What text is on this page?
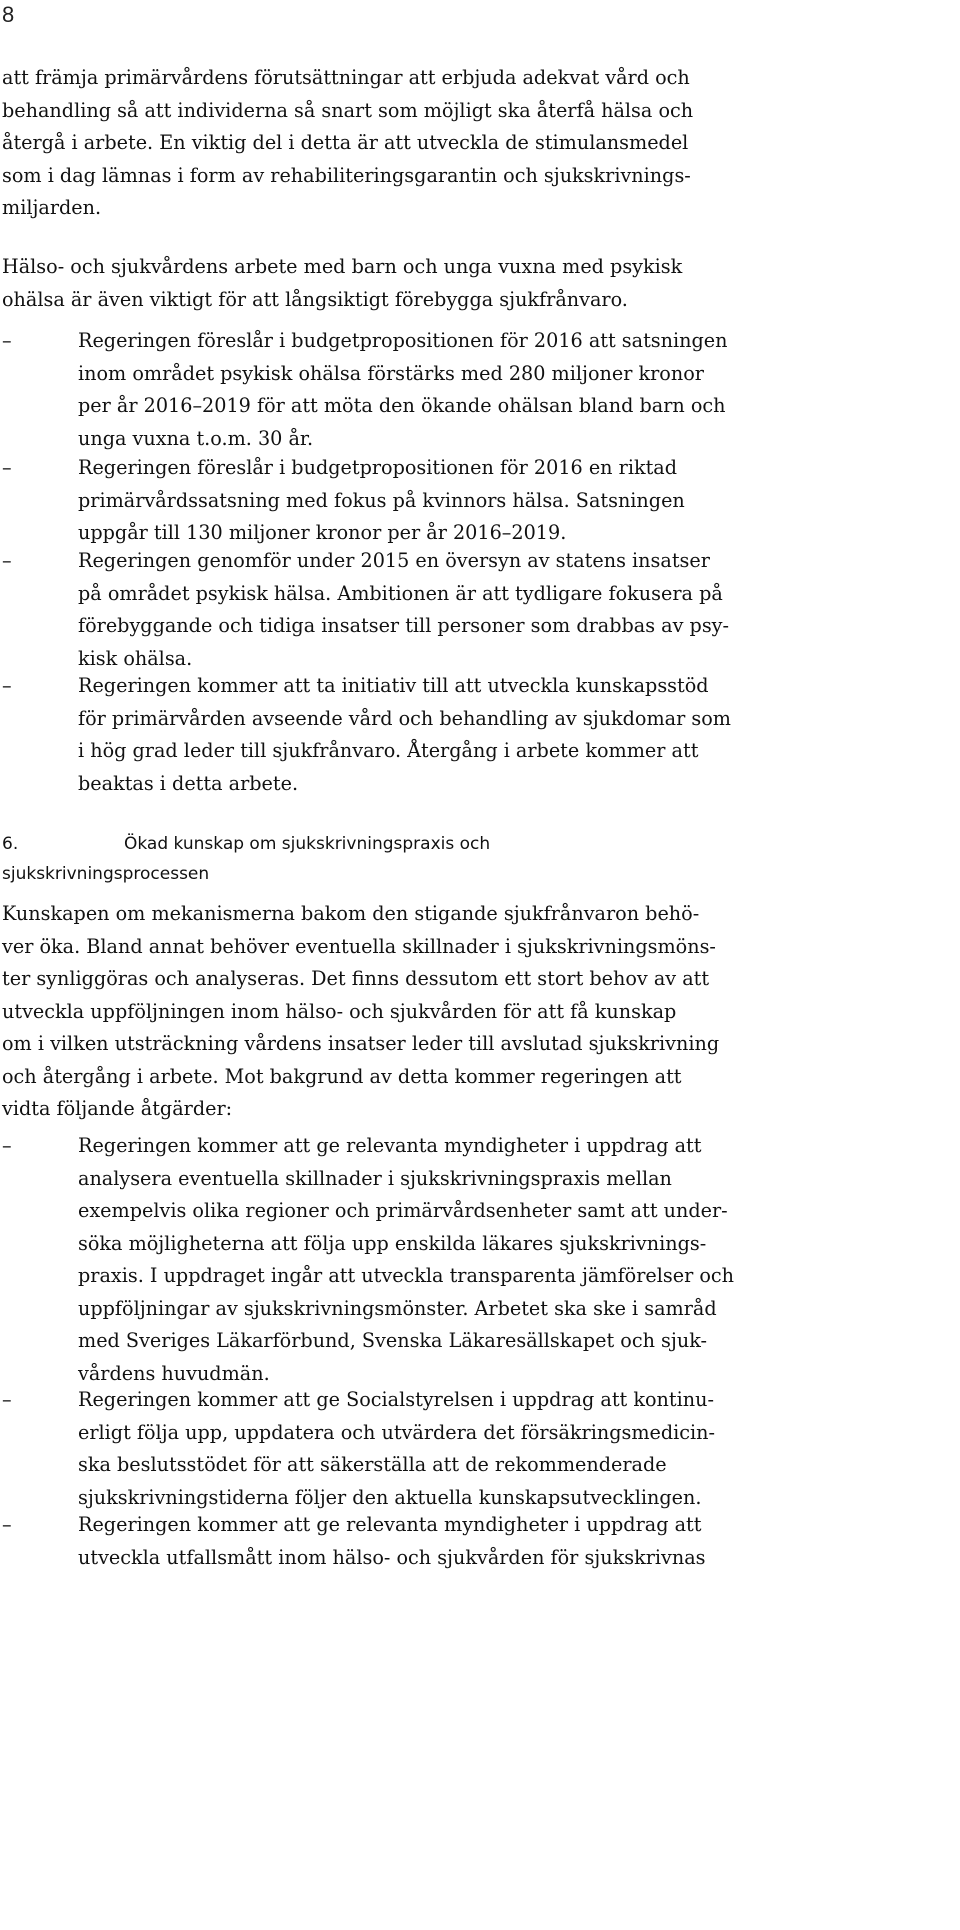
8
att främja primärvårdens förutsättningar att erbjuda adekvat vård och
behandling så att individerna så snart som möjligt ska återfå hälsa och
återgå i arbete. En viktig del i detta är att utveckla de stimulansmedel
som i dag lämnas i form av rehabiliteringsgarantin och sjukskrivnings-
miljarden.
Hälso- och sjukvårdens arbete med barn och unga vuxna med psykisk
ohälsa är även viktigt för att långsiktigt förebygga sjukfrånvaro.
–	Regeringen föreslår i budgetpropositionen för 2016 att satsningen
inom området psykisk ohälsa förstärks med 280 miljoner kronor
per år 2016–2019 för att möta den ökande ohälsan bland barn och
unga vuxna t.o.m. 30 år.
–	Regeringen föreslår i budgetpropositionen för 2016 en riktad
primärvårdssatsning med fokus på kvinnors hälsa. Satsningen
uppgår till 130 miljoner kronor per år 2016–2019.
–	Regeringen genomför under 2015 en översyn av statens insatser
på området psykisk hälsa. Ambitionen är att tydligare fokusera på
förebyggande och tidiga insatser till personer som drabbas av psy-
kisk ohälsa.
–	Regeringen kommer att ta initiativ till att utveckla kunskapsstöd
för primärvården avseende vård och behandling av sjukdomar som
i hög grad leder till sjukfrånvaro. Återgång i arbete kommer att
beaktas i detta arbete.
6.	Ökad kunskap om sjukskrivningspraxis och
sjukskrivningsprocessen
Kunskapen om mekanismerna bakom den stigande sjukfrånvaron behö-
ver öka. Bland annat behöver eventuella skillnader i sjukskrivningsmöns-
ter synliggöras och analyseras. Det finns dessutom ett stort behov av att
utveckla uppföljningen inom hälso- och sjukvården för att få kunskap
om i vilken utsträckning vårdens insatser leder till avslutad sjukskrivning
och återgång i arbete. Mot bakgrund av detta kommer regeringen att
vidta följande åtgärder:
–	Regeringen kommer att ge relevanta myndigheter i uppdrag att
analysera eventuella skillnader i sjukskrivningspraxis mellan
exempelvis olika regioner och primärvårdsenheter samt att under-
söka möjligheterna att följa upp enskilda läkares sjukskrivnings-
praxis. I uppdraget ingår att utveckla transparenta jämförelser och
uppföljningar av sjukskrivningsmönster. Arbetet ska ske i samråd
med Sveriges Läkarförbund, Svenska Läkaresällskapet och sjuk-
vårdens huvudmän.
–	Regeringen kommer att ge Socialstyrelsen i uppdrag att kontinu-
erligt följa upp, uppdatera och utvärdera det försäkringsmedicin-
ska beslutsstödet för att säkerställa att de rekommenderade
sjukskrivningstiderna följer den aktuella kunskapsutvecklingen.
–	Regeringen kommer att ge relevanta myndigheter i uppdrag att
utveckla utfallsmått inom hälso- och sjukvården för sjukskrivnas
